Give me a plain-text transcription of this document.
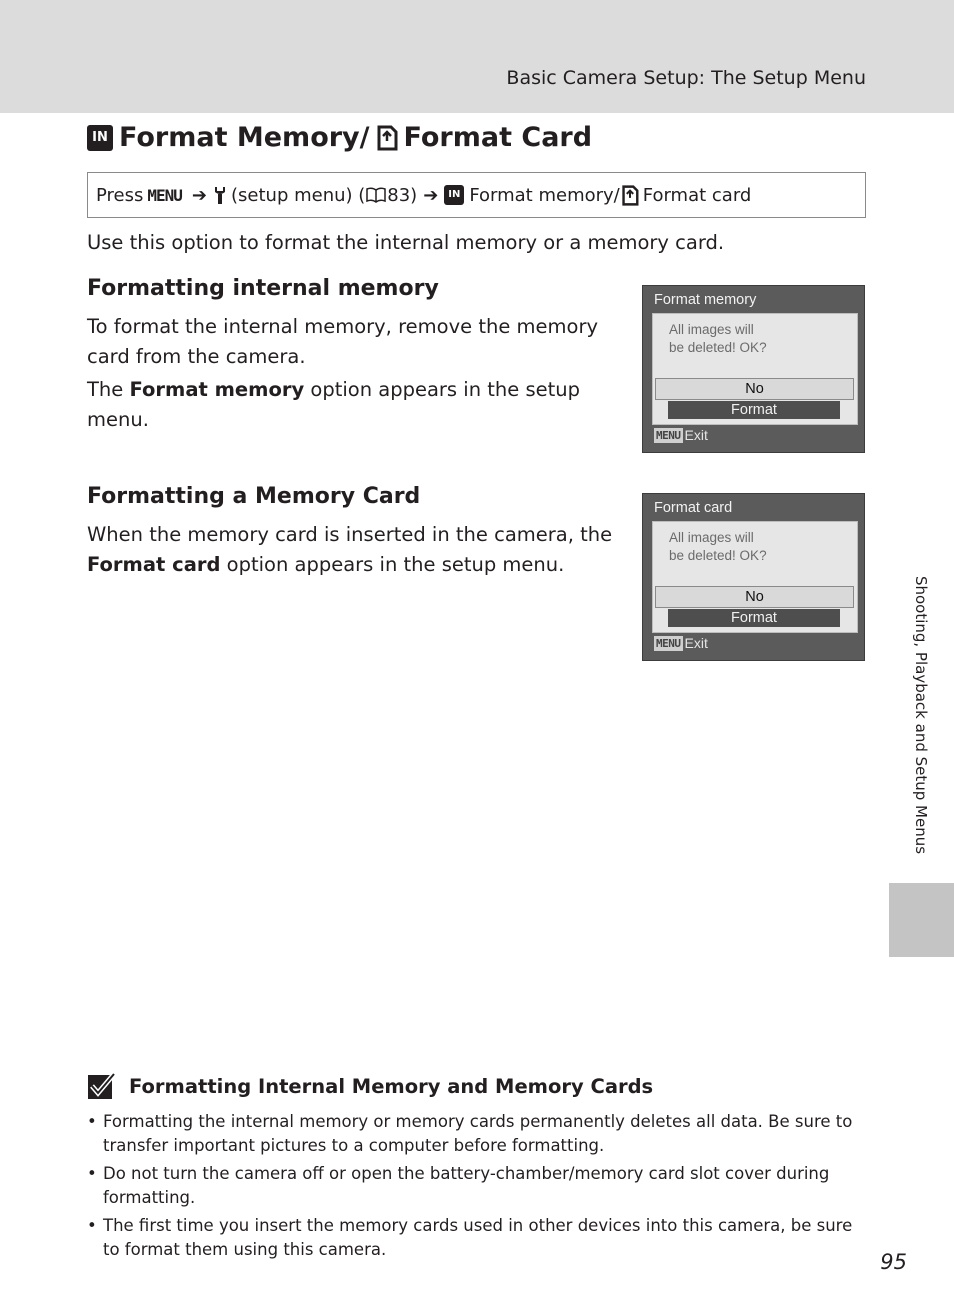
Basic Camera Setup: The Setup Menu
IN Format Memory/ Format Card
Press MENU ➔ (setup menu) ( 83) ➔ IN Format memory/ Format card
Use this option to format the internal memory or a memory card.
Formatting internal memory

To format the internal memory, remove the memory card from the camera.

The Format memory option appears in the setup menu.

Formatting a Memory Card

When the memory card is inserted in the camera, the Format card option appears in the setup menu.

Format memory
All images will
be deleted! OK?
No
Format
MENU Exit
Format card
All images will
be deleted! OK?
No
Format
MENU Exit	Shooting, Playback and Setup Menus
Formatting Internal Memory and Memory Cards
• Formatting the internal memory or memory cards permanently deletes all data. Be sure to transfer important pictures to a computer before formatting.
• Do not turn the camera off or open the battery-chamber/memory card slot cover during formatting.
• The first time you insert the memory cards used in other devices into this camera, be sure to format them using this camera.
95
